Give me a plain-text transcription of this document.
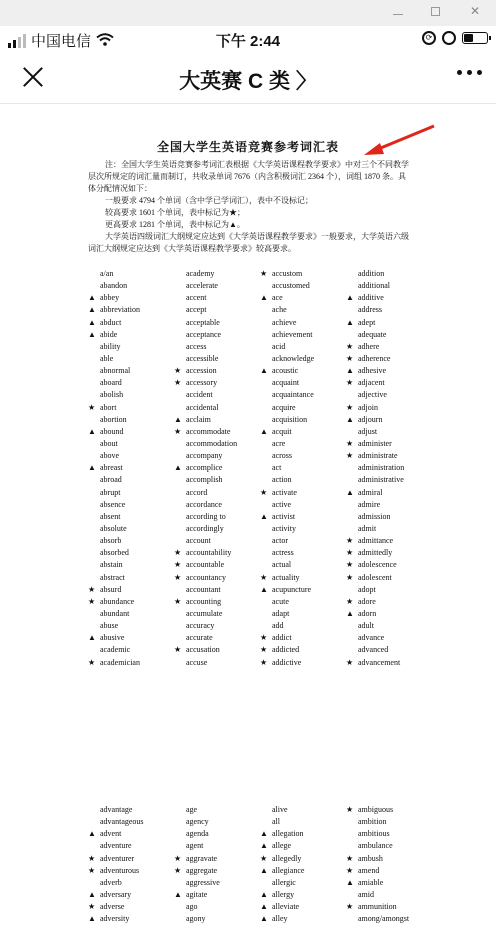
✕
中国电信	下午 2:44	⟳
大英赛 C 类 〉
全国大学生英语竞赛参考词汇表

注：全国大学生英语竞赛参考词汇表根据《大学英语课程教学要求》中对三个不同教学

层次所规定的词汇量而制订，共收录单词 7676（内含积极词汇 2364 个），词组 1870 条。具

体分配情况如下：

一般要求 4794 个单词（含中学已学词汇），表中不设标记；

较高要求 1601 个单词，表中标记为★；

更高要求 1281 个单词，表中标记为▲。

大学英语四级词汇大纲规定应达到《大学英语课程教学要求》一般要求，大学英语六级

词汇大纲规定应达到《大学英语课程教学要求》较高要求。

a/an
abandon
▲ abbey
▲ abbreviation
▲ abduct
▲ abide
ability
able
abnormal
aboard
abolish
★ abort
abortion
▲ abound
about
above
▲ abreast
abroad
abrupt
absence
absent
absolute
absorb
absorbed
abstain
abstract
★ absurd
★ abundance
abundant
abuse
▲ abusive
academic
★ academician
academy
accelerate
accent
accept
acceptable
acceptance
access
accessible
★ accession
★ accessory
accident
accidental
▲ acclaim
★ accommodate
accommodation
accompany
▲ accomplice
accomplish
accord
accordance
according to
accordingly
account
★ accountability
★ accountable
★ accountancy
accountant
★ accounting
accumulate
accuracy
accurate
★ accusation
accuse
★ accustom
accustomed
▲ ace
ache
achieve
achievement
acid
acknowledge
▲ acoustic
acquaint
acquaintance
acquire
acquisition
▲ acquit
acre
across
act
action
★ activate
active
▲ activist
activity
actor
actress
actual
★ actuality
▲ acupuncture
acute
adapt
add
★ addict
★ addicted
★ addictive
addition
additional
▲ additive
address
▲ adept
adequate
★ adhere
★ adherence
▲ adhesive
★ adjacent
adjective
★ adjoin
▲ adjourn
adjust
★ administer
★ administrate
administration
administrative
▲ admiral
admire
admission
admit
★ admittance
★ admittedly
★ adolescence
★ adolescent
adopt
★ adore
▲ adorn
adult
advance
advanced
★ advancement
advantage
advantageous
▲ advent
adventure
★ adventurer
★ adventurous
adverb
▲ adversary
★ adverse
▲ adversity
age
agency
agenda
agent
★ aggravate
★ aggregate
aggressive
▲ agitate
ago
agony
alive
all
▲ allegation
▲ allege
★ allegedly
▲ allegiance
allergic
▲ allergy
▲ alleviate
▲ alley
★ ambiguous
ambition
ambitious
ambulance
★ ambush
★ amend
▲ amiable
amid
★ ammunition
among/amongst
